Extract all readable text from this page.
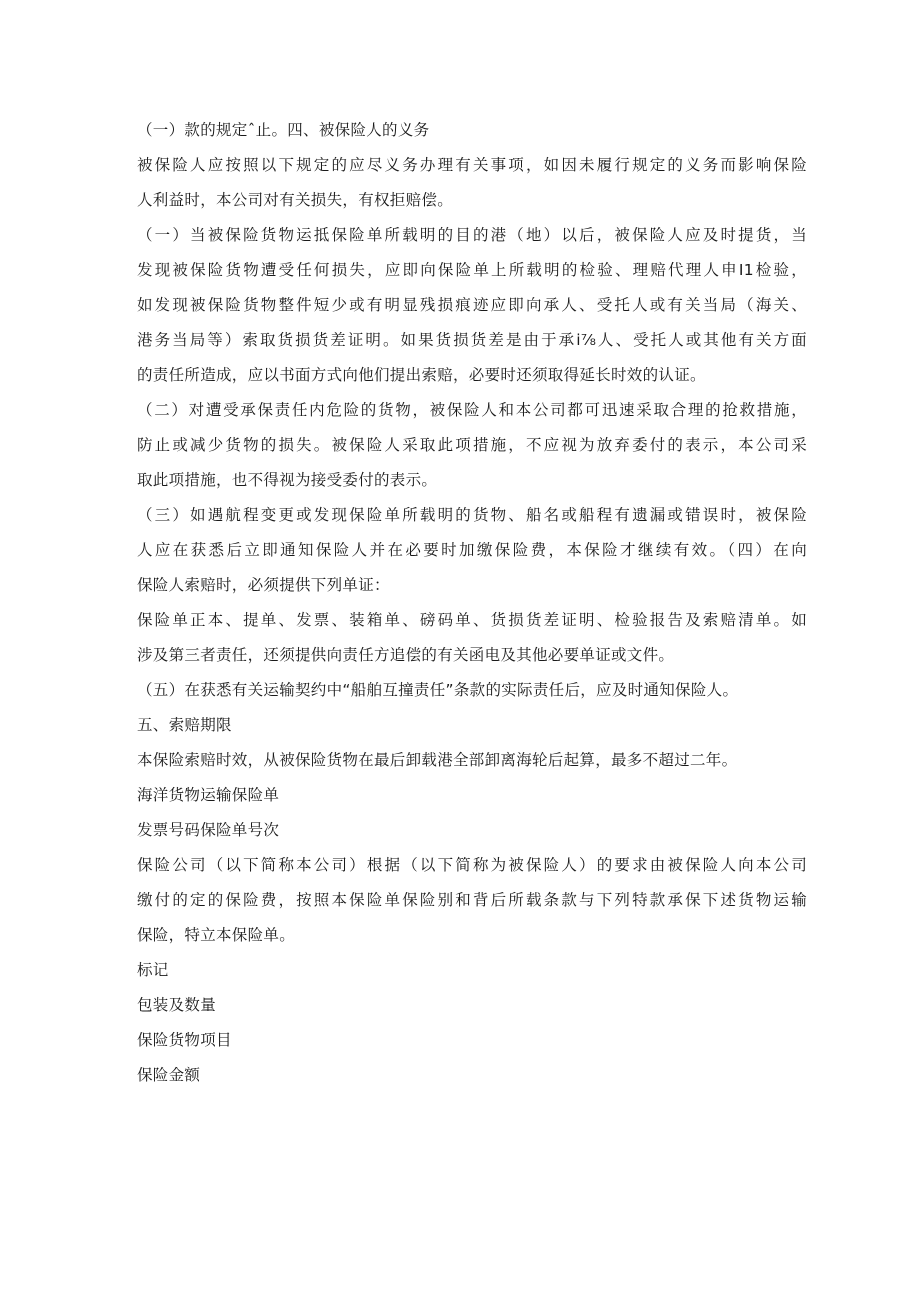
（一）款的规定ˆ止。四、被保险人的义务
被保险人应按照以下规定的应尽义务办理有关事项，如因未履行规定的义务而影响保险
人利益时，本公司对有关损失，有权拒赔偿。
（一）当被保险货物运抵保险单所载明的目的港（地）以后，被保险人应及时提货，当
发现被保险货物遭受任何损失，应即向保险单上所载明的检验、理赔代理人申I1检验，
如发现被保险货物整件短少或有明显残损痕迹应即向承人、受托人或有关当局（海关、
港务当局等）索取货损货差证明。如果货损货差是由于承i⅞人、受托人或其他有关方面
的责任所造成，应以书面方式向他们提出索赔，必要时还须取得延长时效的认证。
（二）对遭受承保责任内危险的货物，被保险人和本公司都可迅速采取合理的抢救措施，
防止或减少货物的损失。被保险人采取此项措施，不应视为放弃委付的表示，本公司采
取此项措施，也不得视为接受委付的表示。
（三）如遇航程变更或发现保险单所载明的货物、船名或船程有遗漏或错误时，被保险
人应在获悉后立即通知保险人并在必要时加缴保险费，本保险才继续有效。（四）在向
保险人索赔时，必须提供下列单证：
保险单正本、提单、发票、装箱单、磅码单、货损货差证明、检验报告及索赔清单。如
涉及第三者责任，还须提供向责任方追偿的有关函电及其他必要单证或文件。
（五）在获悉有关运输契约中“船舶互撞责任”条款的实际责任后，应及时通知保险人。
五、索赔期限
本保险索赔时效，从被保险货物在最后卸载港全部卸离海轮后起算，最多不超过二年。
海洋货物运输保险单
发票号码保险单号次
保险公司（以下简称本公司）根据（以下简称为被保险人）的要求由被保险人向本公司
缴付的定的保险费，按照本保险单保险别和背后所载条款与下列特款承保下述货物运输
保险，特立本保险单。
标记
包装及数量
保险货物项目
保险金额
